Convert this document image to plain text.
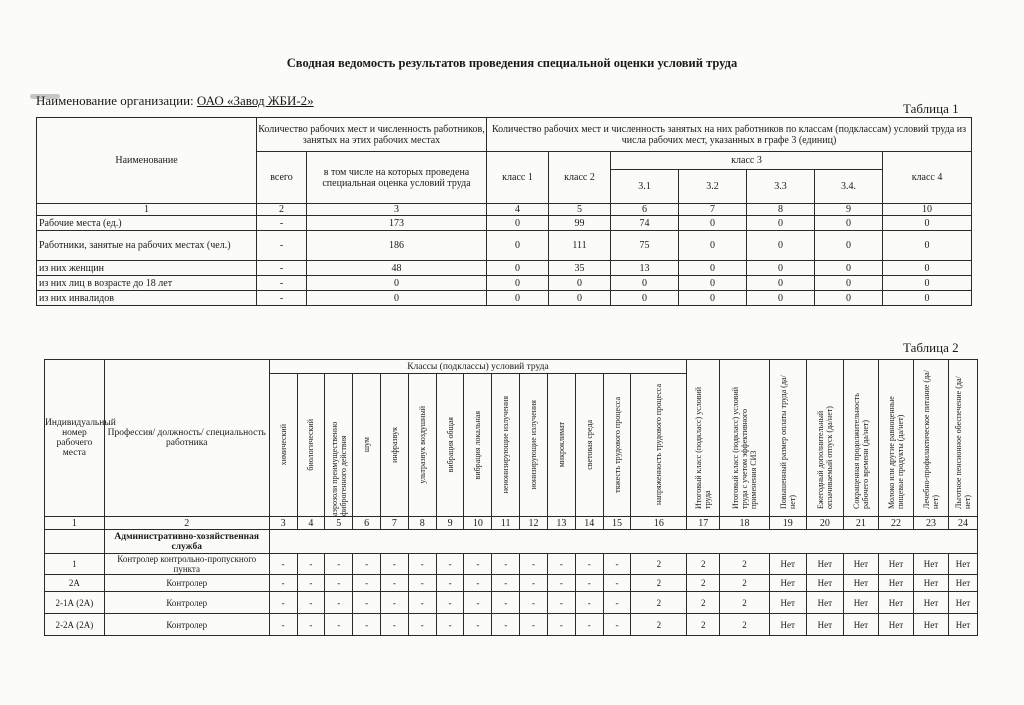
Сводная ведомость результатов проведения специальной оценки условий труда
Наименование организации: ОАО «Завод ЖБИ-2»
Таблица 1
Наименование	Количество рабочих мест и численность работников, занятых на этих рабочих местах		Количество рабочих мест и численность занятых на них работников по классам (подклассам) условий труда из числа рабочих мест, указанных в графе 3 (единиц)						
	всего	в том числе на которых проведена специальная оценка условий труда	класс 1	класс 2	класс 3				класс 4
					3.1	3.2	3.3	3.4.	
1	2	3	4	5	6	7	8	9	10
Рабочие места (ед.)	-	173	0	99	74	0	0	0	0
Работники, занятые на рабочих местах (чел.)	-	186	0	111	75	0	0	0	0
из них женщин	-	48	0	35	13	0	0	0	0
из них лиц в возрасте до 18 лет	-	0	0	0	0	0	0	0	0
из них инвалидов	-	0	0	0	0	0	0	0	0
Таблица 2
Индивидуальный номер рабочего места	Профессия/ должность/ специальность работника	Классы (подклассы) условий труда														Итоговый класс (подкласс) условий труда	Итоговый класс (подкласс) условий труда с учетом эффективного применения СИЗ	Повышенный размер оплаты труда (да/нет)	Ежегодный дополнительный оплачиваемый отпуск (да/нет)	Сокращенная продолжительность рабочего времени (да/нет)	Молоко или другие равноценные пищевые продукты (да/нет)	Лечебно-профилактическое питание (да/нет)	Льготное пенсионное обеспечение (да/нет)

		химический	биологический	аэрозоли преимущественно фиброгенного действия	шум	инфразвук	ультразвук воздушный	вибрация общая	вибрация локальная	неионизирующие излучения	ионизирующие излучения	микроклимат	световая среда	тяжесть трудового процесса	напряженность трудового процесса								

1	2	3	4	5	6	7	8	9	10	11	12	13	14	15	16	17	18	19	20	21	22	23	24
	Административно-хозяйственная служба																						
1	Контролер контрольно-пропускного пункта	-	-	-	-	-	-	-	-	-	-	-	-	-	2	2	2	Нет	Нет	Нет	Нет	Нет	Нет
2А	Контролер	-	-	-	-	-	-	-	-	-	-	-	-	-	2	2	2	Нет	Нет	Нет	Нет	Нет	Нет
2-1А (2А)	Контролер	-	-	-	-	-	-	-	-	-	-	-	-	-	2	2	2	Нет	Нет	Нет	Нет	Нет	Нет
2-2А (2А)	Контролер	-	-	-	-	-	-	-	-	-	-	-	-	-	2	2	2	Нет	Нет	Нет	Нет	Нет	Нет
